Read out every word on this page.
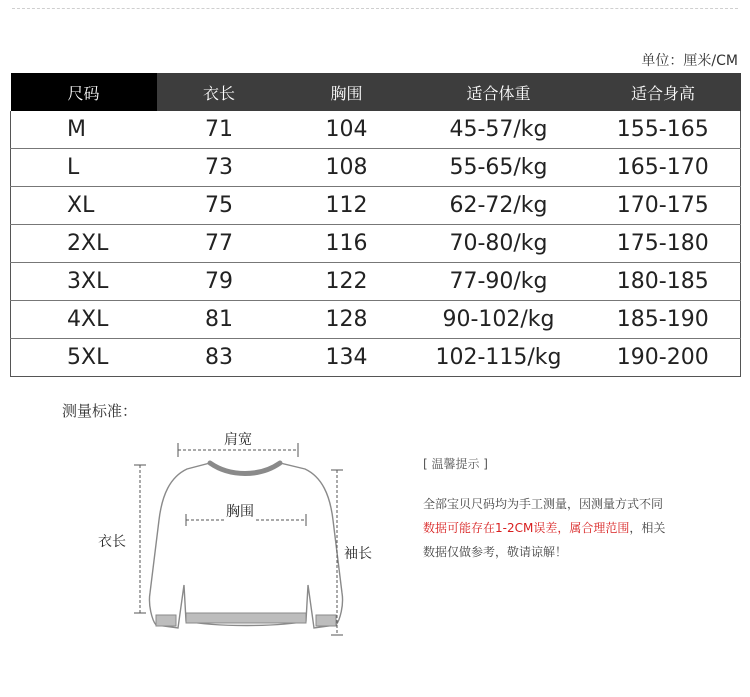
单位：厘米/CM
尺码	衣长	胸围	适合体重	适合身高
M	71	104	45-57/kg	155-165
L	73	108	55-65/kg	165-170
XL	75	112	62-72/kg	170-175
2XL	77	116	70-80/kg	175-180
3XL	79	122	77-90/kg	180-185
4XL	81	128	90-102/kg	185-190
5XL	83	134	102-115/kg	190-200
测量标准：
肩宽
胸围
衣长
袖长
[ 温馨提示 ]
全部宝贝尺码均为手工测量，因测量方式不同
数据可能存在1-2CM误差，属合理范围，相关
数据仅做参考，敬请谅解！
